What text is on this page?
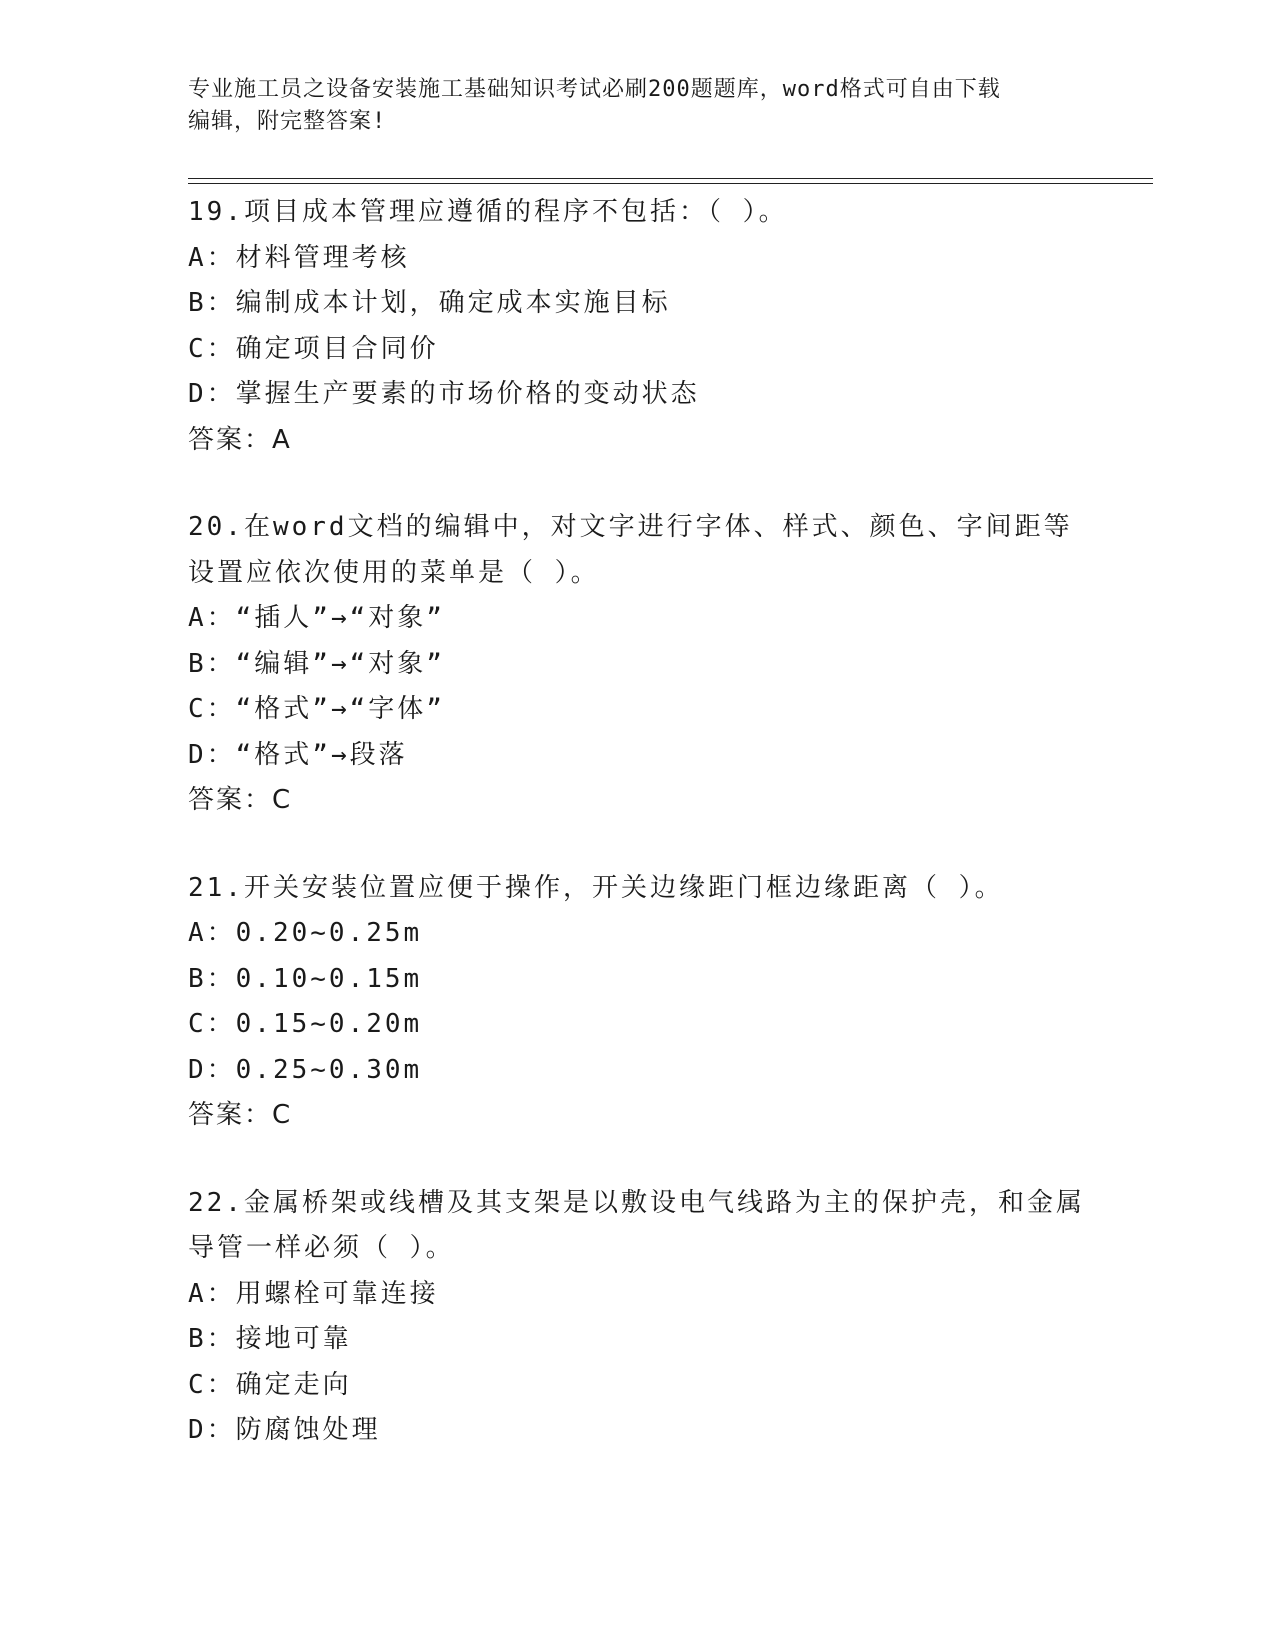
专业施工员之设备安装施工基础知识考试必刷200题题库，word格式可自由下载
编辑，附完整答案!
19.项目成本管理应遵循的程序不包括：（ ）。
A：材料管理考核
B：编制成本计划，确定成本实施目标
C：确定项目合同价
D：掌握生产要素的市场价格的变动状态
答案：A
20.在word文档的编辑中，对文字进行字体、样式、颜色、字间距等
设置应依次使用的菜单是（ ）。
A：“插人”→“对象”
B：“编辑”→“对象”
C：“格式”→“字体”
D：“格式”→段落
答案：C
21.开关安装位置应便于操作，开关边缘距门框边缘距离（ ）。
A：0.20~0.25m
B：0.10~0.15m
C：0.15~0.20m
D：0.25~0.30m
答案：C
22.金属桥架或线槽及其支架是以敷设电气线路为主的保护壳，和金属
导管一样必须（ ）。
A：用螺栓可靠连接
B：接地可靠
C：确定走向
D：防腐蚀处理
